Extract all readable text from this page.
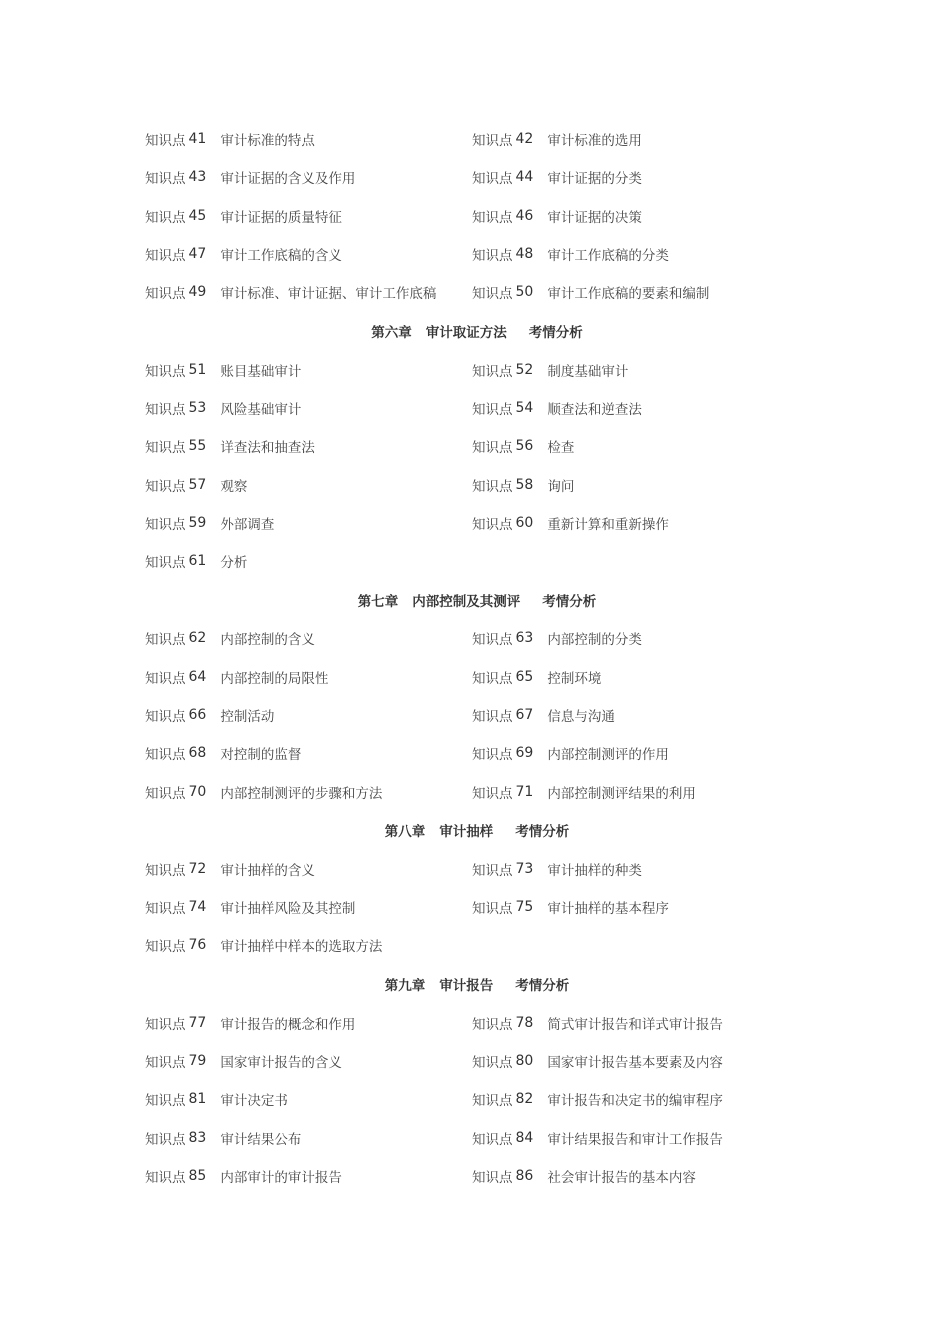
知识点 41 审计标准的特点	知识点 42 审计标准的选用
知识点 43 审计证据的含义及作用	知识点 44 审计证据的分类
知识点 45 审计证据的质量特征	知识点 46 审计证据的决策
知识点 47 审计工作底稿的含义	知识点 48 审计工作底稿的分类
知识点 49 审计标准、审计证据、审计工作底稿	知识点 50 审计工作底稿的要素和编制
第六章 审计取证方法 考情分析
知识点 51 账目基础审计	知识点 52 制度基础审计
知识点 53 风险基础审计	知识点 54 顺查法和逆查法
知识点 55 详查法和抽查法	知识点 56 检查
知识点 57 观察	知识点 58 询问
知识点 59 外部调查	知识点 60 重新计算和重新操作
知识点 61 分析
第七章 内部控制及其测评 考情分析
知识点 62 内部控制的含义	知识点 63 内部控制的分类
知识点 64 内部控制的局限性	知识点 65 控制环境
知识点 66 控制活动	知识点 67 信息与沟通
知识点 68 对控制的监督	知识点 69 内部控制测评的作用
知识点 70 内部控制测评的步骤和方法	知识点 71 内部控制测评结果的利用
第八章 审计抽样 考情分析
知识点 72 审计抽样的含义	知识点 73 审计抽样的种类
知识点 74 审计抽样风险及其控制	知识点 75 审计抽样的基本程序
知识点 76 审计抽样中样本的选取方法
第九章 审计报告 考情分析
知识点 77 审计报告的概念和作用	知识点 78 简式审计报告和详式审计报告
知识点 79 国家审计报告的含义	知识点 80 国家审计报告基本要素及内容
知识点 81 审计决定书	知识点 82 审计报告和决定书的编审程序
知识点 83 审计结果公布	知识点 84 审计结果报告和审计工作报告
知识点 85 内部审计的审计报告	知识点 86 社会审计报告的基本内容
